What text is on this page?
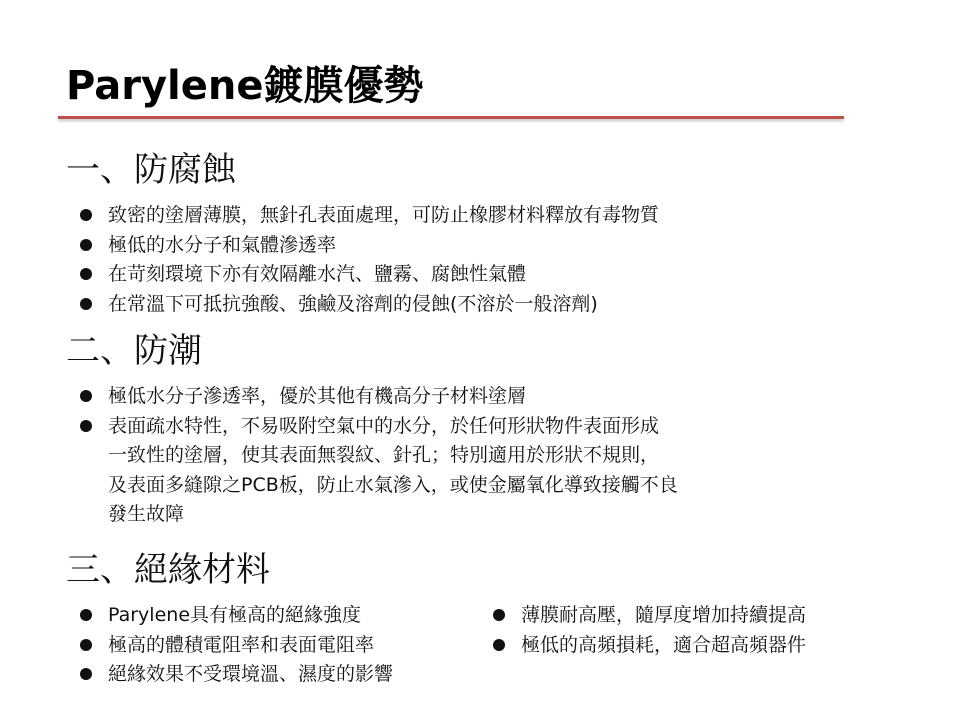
Parylene鍍膜優勢
一、防腐蝕
致密的塗層薄膜，無針孔表面處理，可防止橡膠材料釋放有毒物質
極低的水分子和氣體滲透率
在苛刻環境下亦有效隔離水汽、鹽霧、腐蝕性氣體
在常溫下可抵抗強酸、強鹼及溶劑的侵蝕(不溶於一般溶劑)
二、防潮
極低水分子滲透率，優於其他有機高分子材料塗層
表面疏水特性，不易吸附空氣中的水分，於任何形狀物件表面形成
一致性的塗層，使其表面無裂紋、針孔；特別適用於形狀不規則，
及表面多縫隙之PCB板，防止水氣滲入，或使金屬氧化導致接觸不良
發生故障
三、絕緣材料
Parylene具有極高的絕緣強度
極高的體積電阻率和表面電阻率
絕緣效果不受環境溫、濕度的影響
薄膜耐高壓，隨厚度增加持續提高
極低的高頻損耗，適合超高頻器件
